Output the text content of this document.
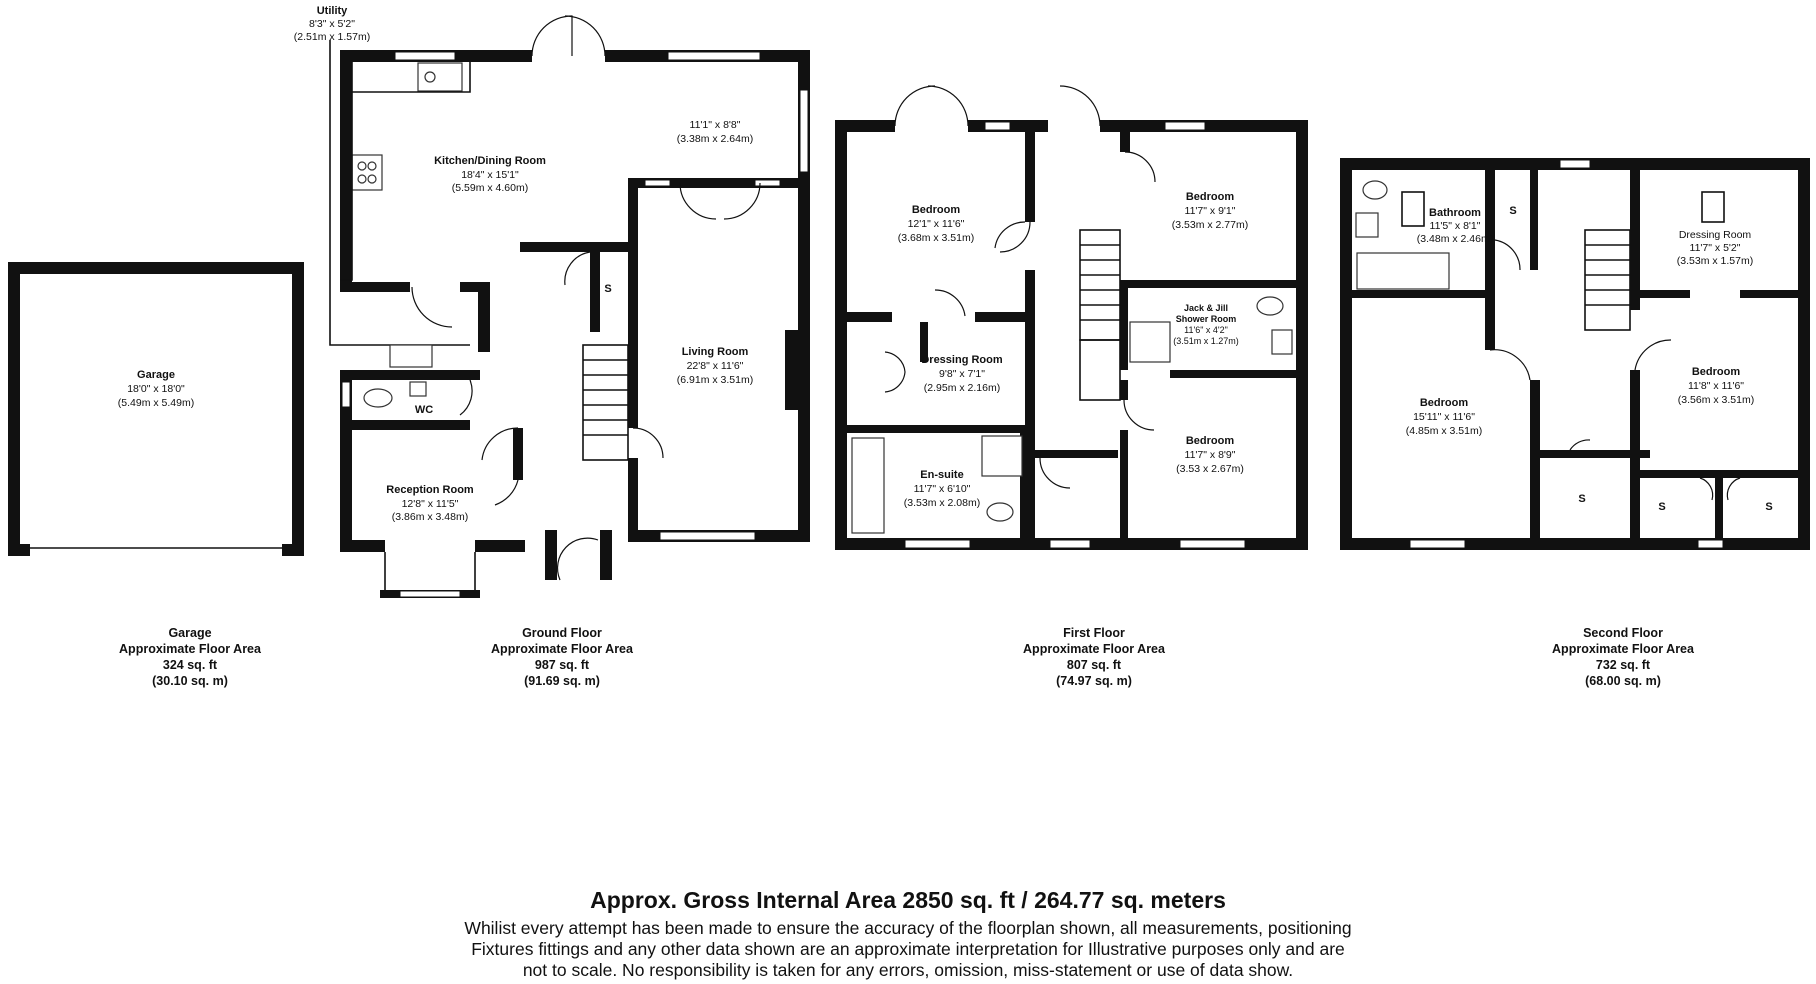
Garage
18'0" x 18'0"
(5.49m x 5.49m)
Utility
8'3" x 5'2"
(2.51m x 1.57m)
Kitchen/Dining Room
18'4" x 15'1"
(5.59m x 4.60m)
11'1" x 8'8"
(3.38m x 2.64m)
Living Room
22'8" x 11'6"
(6.91m x 3.51m)
Reception Room
12'8" x 11'5"
(3.86m x 3.48m)
WC
S
Bedroom
12'1" x 11'6"
(3.68m x 3.51m)
Bedroom
11'7" x 9'1"
(3.53m x 2.77m)
Dressing Room
9'8" x 7'1"
(2.95m x 2.16m)
Jack & Jill
Shower Room
11'6" x 4'2"
(3.51m x 1.27m)
En-suite
11'7" x 6'10"
(3.53m x 2.08m)
Bedroom
11'7" x 8'9"
(3.53 x 2.67m)
Bathroom
11'5" x 8'1"
(3.48m x 2.46m)	Dressing Room
11'7" x 5'2"
(3.53m x 1.57m)
Bedroom
15'11" x 11'6"
(4.85m x 3.51m)
Bedroom
11'8" x 11'6"
(3.56m x 3.51m)
S
S
S	S
Garage
Approximate Floor Area
324 sq. ft
(30.10 sq. m)
Ground Floor
Approximate Floor Area
987 sq. ft
(91.69 sq. m)
First Floor
Approximate Floor Area
807 sq. ft
(74.97 sq. m)
Second Floor
Approximate Floor Area
732 sq. ft
(68.00 sq. m)
Approx. Gross Internal Area 2850 sq. ft / 264.77 sq. meters
Whilist every attempt has been made to ensure the accuracy of the floorplan shown, all measurements, positioning
Fixtures fittings and any other data shown are an approximate interpretation for Illustrative purposes only and are
not to scale. No responsibility is taken for any errors, omission, miss-statement or use of data show.
